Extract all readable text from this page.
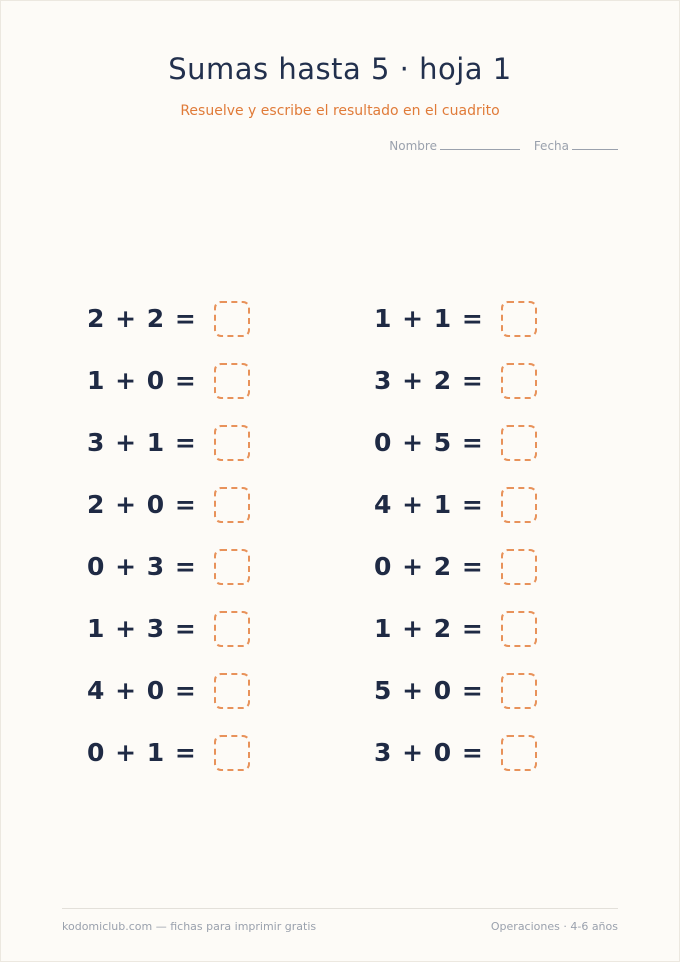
Sumas hasta 5 · hoja 1
Resuelve y escribe el resultado en el cuadrito
Nombre	Fecha
2 + 2 =
1 + 0 =
3 + 1 =
2 + 0 =
0 + 3 =
1 + 3 =
4 + 0 =
0 + 1 =
1 + 1 =
3 + 2 =
0 + 5 =
4 + 1 =
0 + 2 =
1 + 2 =
5 + 0 =
3 + 0 =
kodomiclub.com — fichas para imprimir gratis	Operaciones · 4-6 años
